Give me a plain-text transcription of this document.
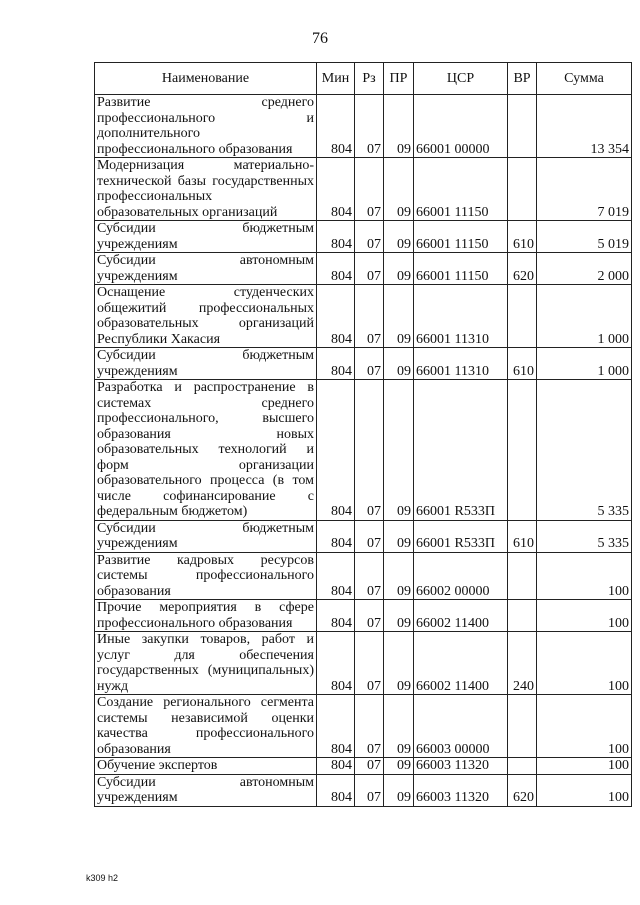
76
Наименование	Мин	Рз	ПР	ЦСР	ВР	Сумма
Развитие среднего профессионального и дополнительного профессионального образования	804	07	09	66001 00000		13 354
Модернизация материально-технической базы государственных профессиональных образовательных организаций	804	07	09	66001 11150		7 019
Субсидии бюджетным учреждениям	804	07	09	66001 11150	610	5 019
Субсидии автономным учреждениям	804	07	09	66001 11150	620	2 000
Оснащение студенческих общежитий профессиональных образовательных организаций Республики Хакасия	804	07	09	66001 11310		1 000
Субсидии бюджетным учреждениям	804	07	09	66001 11310	610	1 000
Разработка и распространение в системах среднего профессионального, высшего образования новых образовательных технологий и форм организации образовательного процесса (в том числе софинансирование с федеральным бюджетом)	804	07	09	66001 R533П		5 335
Субсидии бюджетным учреждениям	804	07	09	66001 R533П	610	5 335
Развитие кадровых ресурсов системы профессионального образования	804	07	09	66002 00000		100
Прочие мероприятия в сфере профессионального образования	804	07	09	66002 11400		100
Иные закупки товаров, работ и услуг для обеспечения государственных (муниципальных) нужд	804	07	09	66002 11400	240	100
Создание регионального сегмента системы независимой оценки качества профессионального образования	804	07	09	66003 00000		100
Обучение экспертов	804	07	09	66003 11320		100
Субсидии автономным учреждениям	804	07	09	66003 11320	620	100
k309 h2
